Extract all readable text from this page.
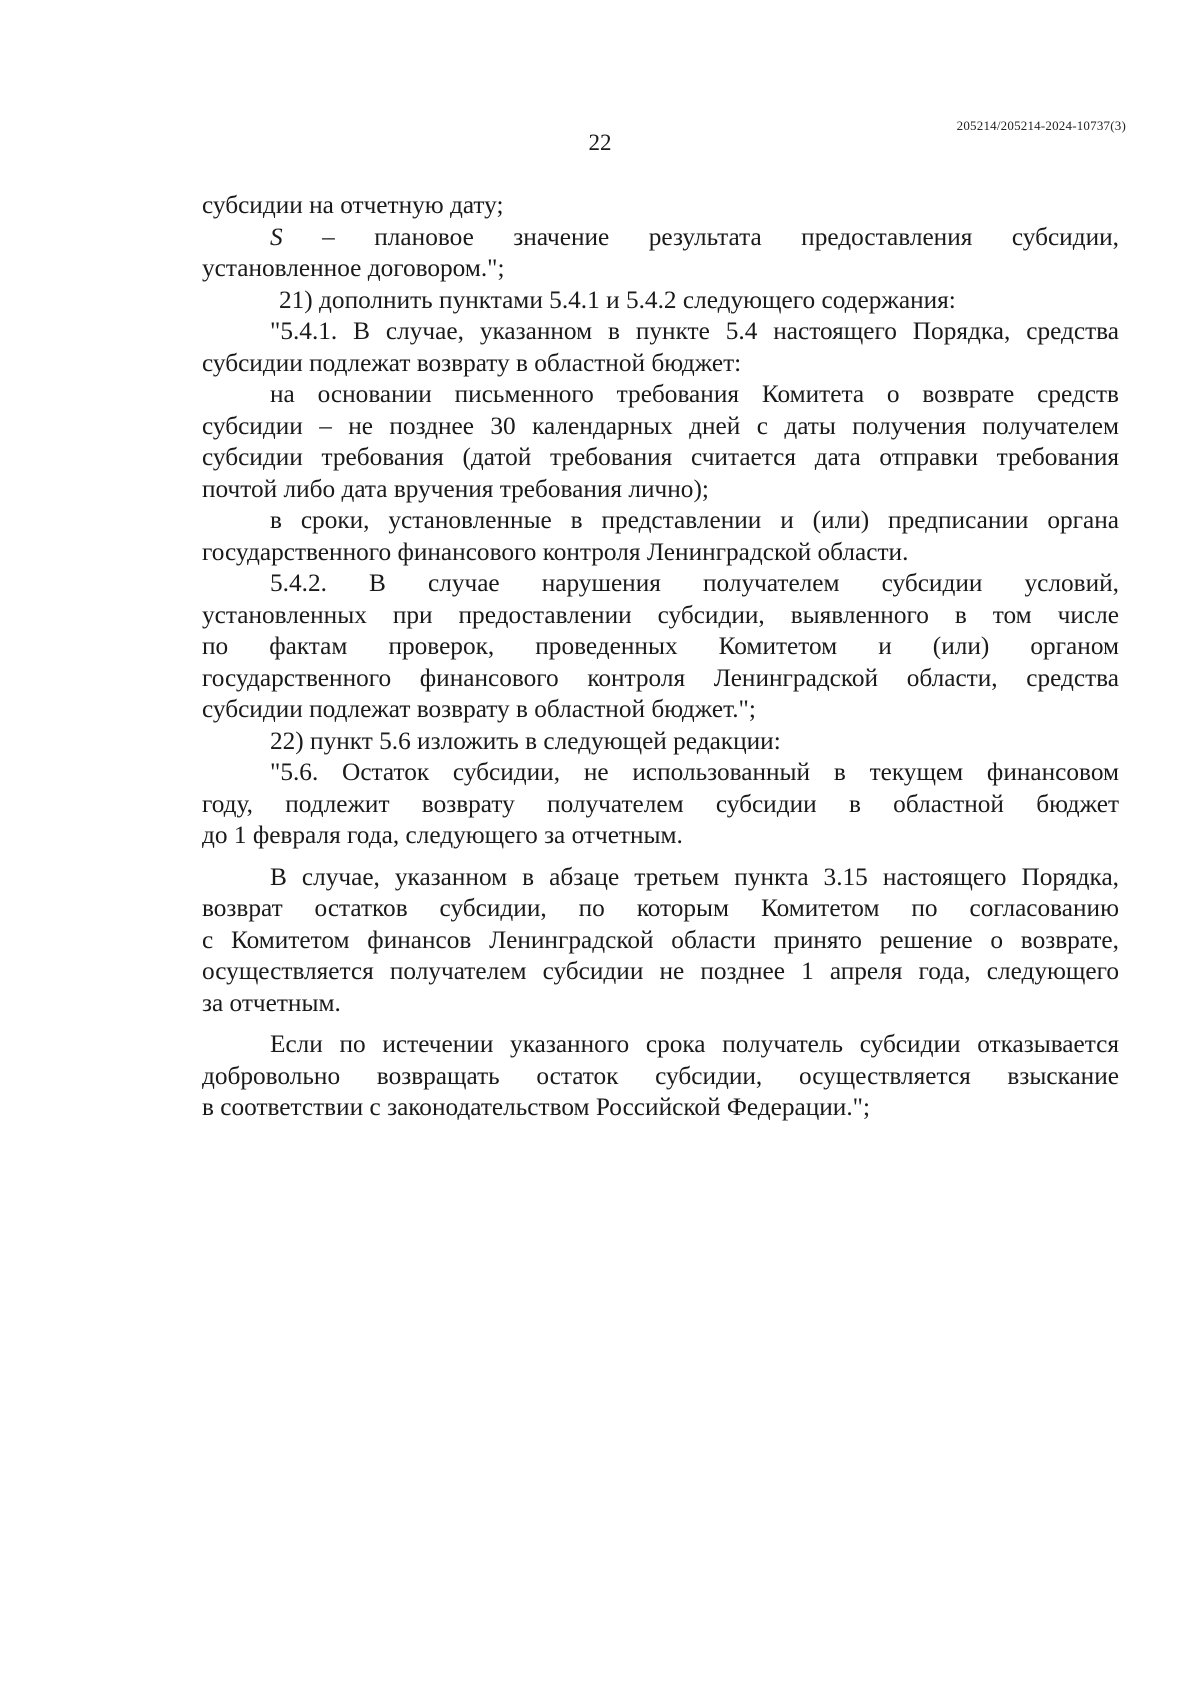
205214/205214-2024-10737(3)
22
субсидии на отчетную дату;
S – плановое значение результата предоставления субсидии,
установленное договором.";
21) дополнить пунктами 5.4.1 и 5.4.2 следующего содержания:
"5.4.1. В случае, указанном в пункте 5.4 настоящего Порядка, средства
субсидии подлежат возврату в областной бюджет:
на основании письменного требования Комитета о возврате средств
субсидии – не позднее 30 календарных дней с даты получения получателем
субсидии требования (датой требования считается дата отправки требования
почтой либо дата вручения требования лично);
в сроки, установленные в представлении и (или) предписании органа
государственного финансового контроля Ленинградской области.
5.4.2. В случае нарушения получателем субсидии условий,
установленных при предоставлении субсидии, выявленного в том числе
по фактам проверок, проведенных Комитетом и (или) органом
государственного финансового контроля Ленинградской области, средства
субсидии подлежат возврату в областной бюджет.";
22) пункт 5.6 изложить в следующей редакции:
"5.6. Остаток субсидии, не использованный в текущем финансовом
году, подлежит возврату получателем субсидии в областной бюджет
до 1 февраля года, следующего за отчетным.
В случае, указанном в абзаце третьем пункта 3.15 настоящего Порядка,
возврат остатков субсидии, по которым Комитетом по согласованию
с Комитетом финансов Ленинградской области принято решение о возврате,
осуществляется получателем субсидии не позднее 1 апреля года, следующего
за отчетным.
Если по истечении указанного срока получатель субсидии отказывается
добровольно возвращать остаток субсидии, осуществляется взыскание
в соответствии с законодательством Российской Федерации.";
